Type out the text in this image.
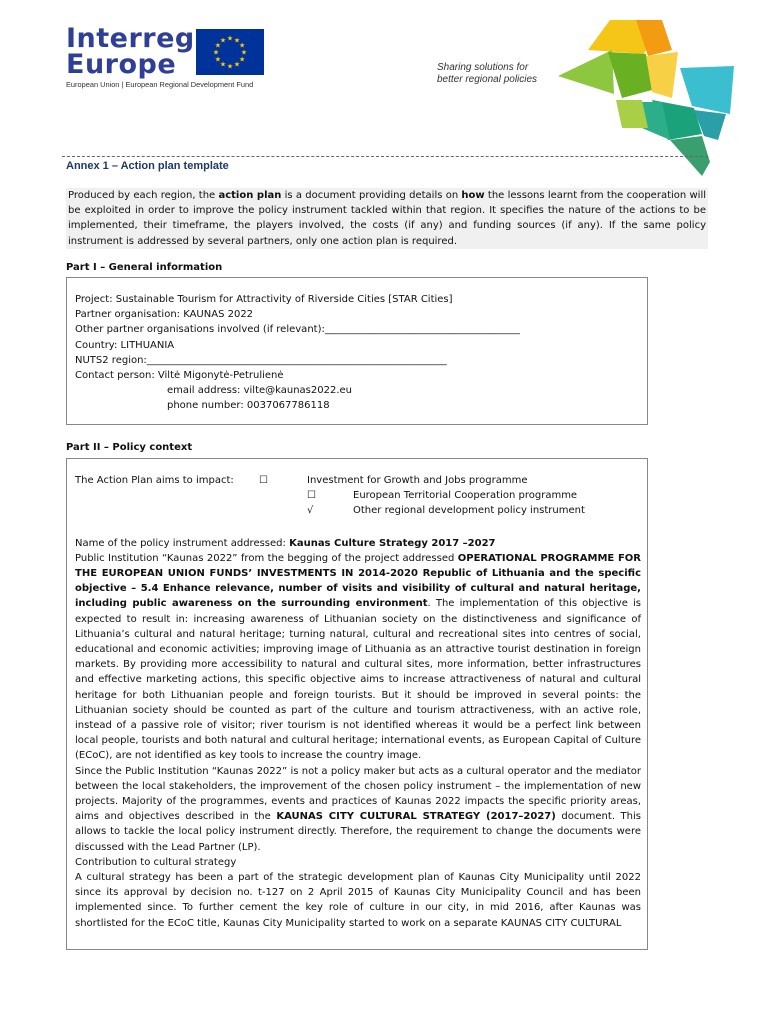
Interreg
Europe	★
★
★
★
★
★
★
★
★ ★ ★
★
European Union | European Regional Development Fund
Sharing solutions for
better regional policies
Annex 1 – Action plan template
Produced by each region, the action plan is a document providing details on how the lessons learnt from the cooperation will be exploited in order to improve the policy instrument tackled within that region. It specifies the nature of the actions to be implemented, their timeframe, the players involved, the costs (if any) and funding sources (if any). If the same policy instrument is addressed by several partners, only one action plan is required.
Part I – General information
Project: Sustainable Tourism for Attractivity of Riverside Cities [STAR Cities]
Partner organisation: KAUNAS 2022
Other partner organisations involved (if relevant):_______________________________________
Country: LITHUANIA
NUTS2 region:____________________________________________________________
Contact person: Viltė Migonytė-Petrulienė
email address: vilte@kaunas2022.eu
phone number: 0037067786118
Part II – Policy context
The Action Plan aims to impact:	☐	Investment for Growth and Jobs programme
☐	European Territorial Cooperation programme
√	Other regional development policy instrument
Name of the policy instrument addressed: Kaunas Culture Strategy 2017 –2027
Public Institution “Kaunas 2022” from the begging of the project addressed OPERATIONAL PROGRAMME FOR THE EUROPEAN UNION FUNDS’ INVESTMENTS IN 2014-2020 Republic of Lithuania and the specific objective – 5.4 Enhance relevance, number of visits and visibility of cultural and natural heritage, including public awareness on the surrounding environment. The implementation of this objective is expected to result in: increasing awareness of Lithuanian society on the distinctiveness and significance of Lithuania’s cultural and natural heritage; turning natural, cultural and recreational sites into centres of social, educational and economic activities; improving image of Lithuania as an attractive tourist destination in foreign markets. By providing more accessibility to natural and cultural sites, more information, better infrastructures and effective marketing actions, this specific objective aims to increase attractiveness of natural and cultural heritage for both Lithuanian people and foreign tourists. But it should be improved in several points: the Lithuanian society should be counted as part of the culture and tourism attractiveness, with an active role, instead of a passive role of visitor; river tourism is not identified whereas it would be a perfect link between local people, tourists and both natural and cultural heritage; international events, as European Capital of Culture (ECoC), are not identified as key tools to increase the country image.
Since the Public Institution “Kaunas 2022” is not a policy maker but acts as a cultural operator and the mediator between the local stakeholders, the improvement of the chosen policy instrument – the implementation of new projects. Majority of the programmes, events and practices of Kaunas 2022 impacts the specific priority areas, aims and objectives described in the KAUNAS CITY CULTURAL STRATEGY (2017–2027) document. This allows to tackle the local policy instrument directly. Therefore, the requirement to change the documents were discussed with the Lead Partner (LP).
Contribution to cultural strategy
A cultural strategy has been a part of the strategic development plan of Kaunas City Municipality until 2022 since its approval by decision no. t-127 on 2 April 2015 of Kaunas City Municipality Council and has been implemented since. To further cement the key role of culture in our city, in mid 2016, after Kaunas was shortlisted for the ECoC title, Kaunas City Municipality started to work on a separate KAUNAS CITY CULTURAL
